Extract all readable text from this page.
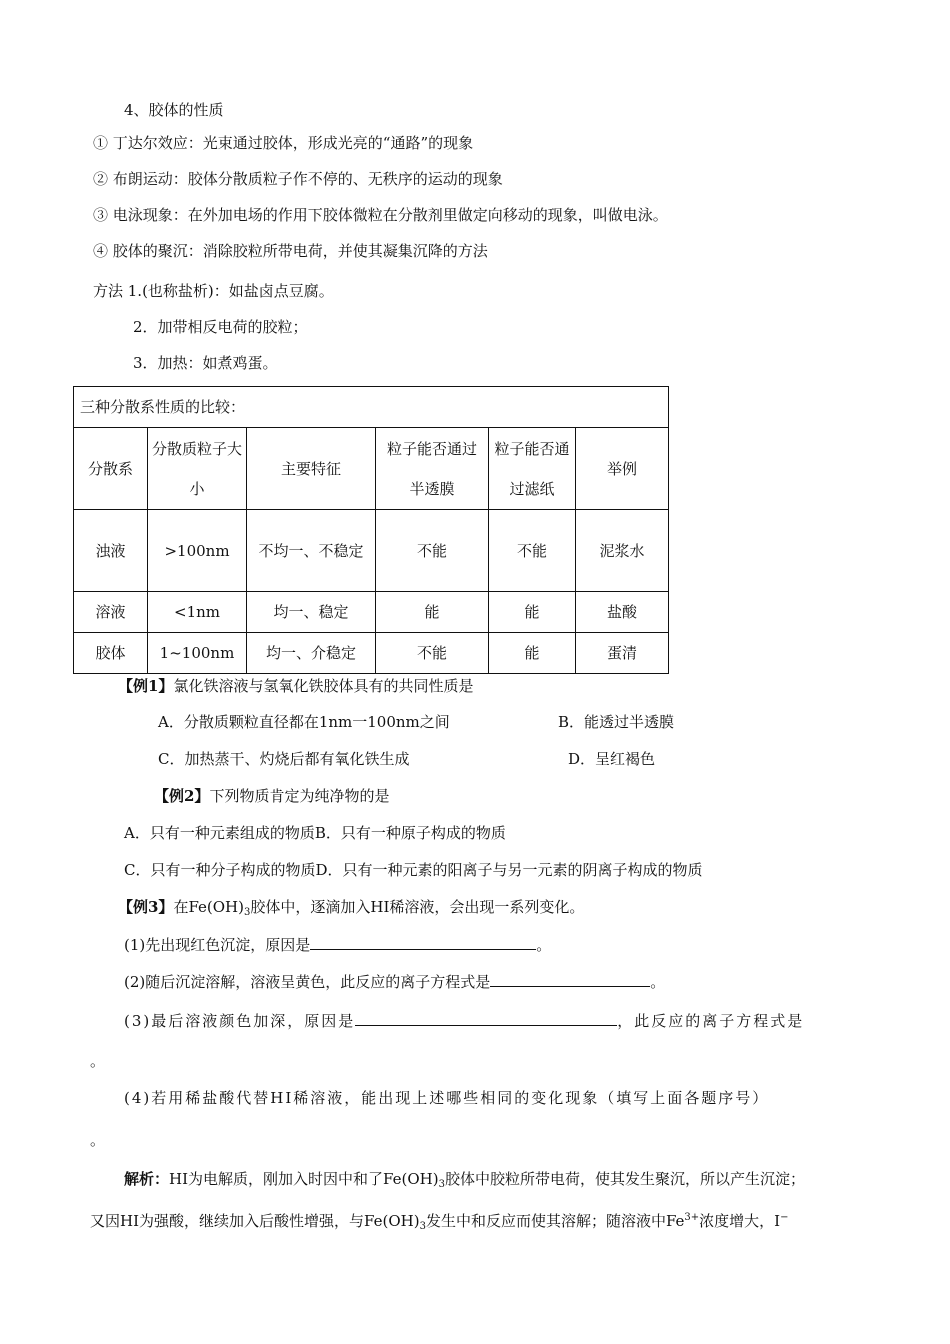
4、胶体的性质
① 丁达尔效应：光束通过胶体，形成光亮的“通路”的现象
② 布朗运动：胶体分散质粒子作不停的、无秩序的运动的现象
③ 电泳现象：在外加电场的作用下胶体微粒在分散剂里做定向移动的现象，叫做电泳。
④ 胶体的聚沉：消除胶粒所带电荷，并使其凝集沉降的方法
方法 1.(也称盐析)：如盐卤点豆腐。
2．加带相反电荷的胶粒；
3．加热：如煮鸡蛋。
三种分散系性质的比较：					
分散系	分散质粒子大小	主要特征	粒子能否通过半透膜	粒子能否通过滤纸	举例
浊液	>100nm	不均一、不稳定	不能	不能	泥浆水
溶液	<1nm	均一、稳定	能	能	盐酸
胶体	1~100nm	均一、介稳定	不能	能	蛋清
【例1】氯化铁溶液与氢氧化铁胶体具有的共同性质是
A．分散质颗粒直径都在1nm一100nm之间	B．能透过半透膜
C．加热蒸干、灼烧后都有氧化铁生成	D．呈红褐色
【例2】下列物质肯定为纯净物的是
A．只有一种元素组成的物质B．只有一种原子构成的物质
C．只有一种分子构成的物质D．只有一种元素的阳离子与另一元素的阴离子构成的物质
【例3】在$Fe(OH)_3$胶体中，逐滴加入HI稀溶液，会出现一系列变化。
(1)先出现红色沉淀，原因是	。
(2)随后沉淀溶解，溶液呈黄色，此反应的离子方程式是	。
(3)最后溶液颜色加深，原因是	，此反应的离子方程式是
。
(4)若用稀盐酸代替HI稀溶液，能出现上述哪些相同的变化现象（填写上面各题序号）
。
解析：HI为电解质，刚加入时因中和了$Fe(OH)_3$胶体中胶粒所带电荷，使其发生聚沉，所以产生沉淀；
又因HI为强酸，继续加入后酸性增强，与$Fe(OH)_3$发生中和反应而使其溶解；随溶液中$Fe^{3+}$浓度增大，I−
